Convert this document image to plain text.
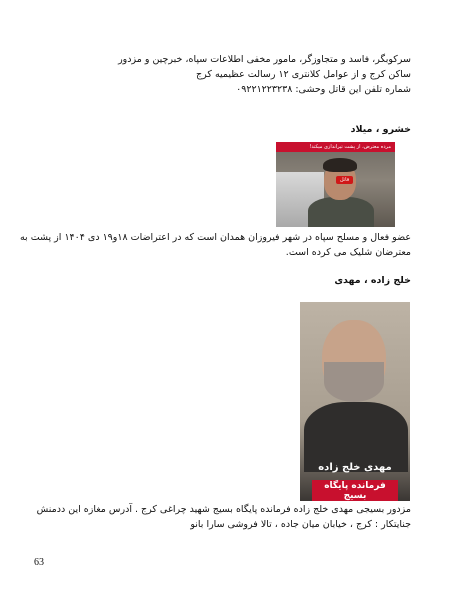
سرکوبگر، فاسد و متجاوزگر، مامور مخفی اطلاعات سپاه، خبرچین و مزدور
ساکن کرج و از عوامل کلانتری ۱۲ رسالت عظیمیه کرج
شماره تلفن این قاتل وحشی: ۰۹۲۲۱۲۲۳۲۳۸
خشرو ، میلاد
مرده معترض، از پشت تیراندازی میکند!
قاتل
عضو فعال و مسلح سپاه در شهر فیروزان همدان است که در اعتراضات ۱۸و۱۹ دی ۱۴۰۴ از پشت به
معترضان شلیک می کرده است.
خلج زاده ، مهدی
مهدی خلج زاده
فرمانده پایگاه بسیج
مزدور بسیجی مهدی خلج زاده فرمانده پایگاه بسیج شهید چراغی کرج . آدرس مغازه این ددمنش
جنایتکار : کرج ، خیابان میان جاده ، تالا فروشی سارا بانو
63
